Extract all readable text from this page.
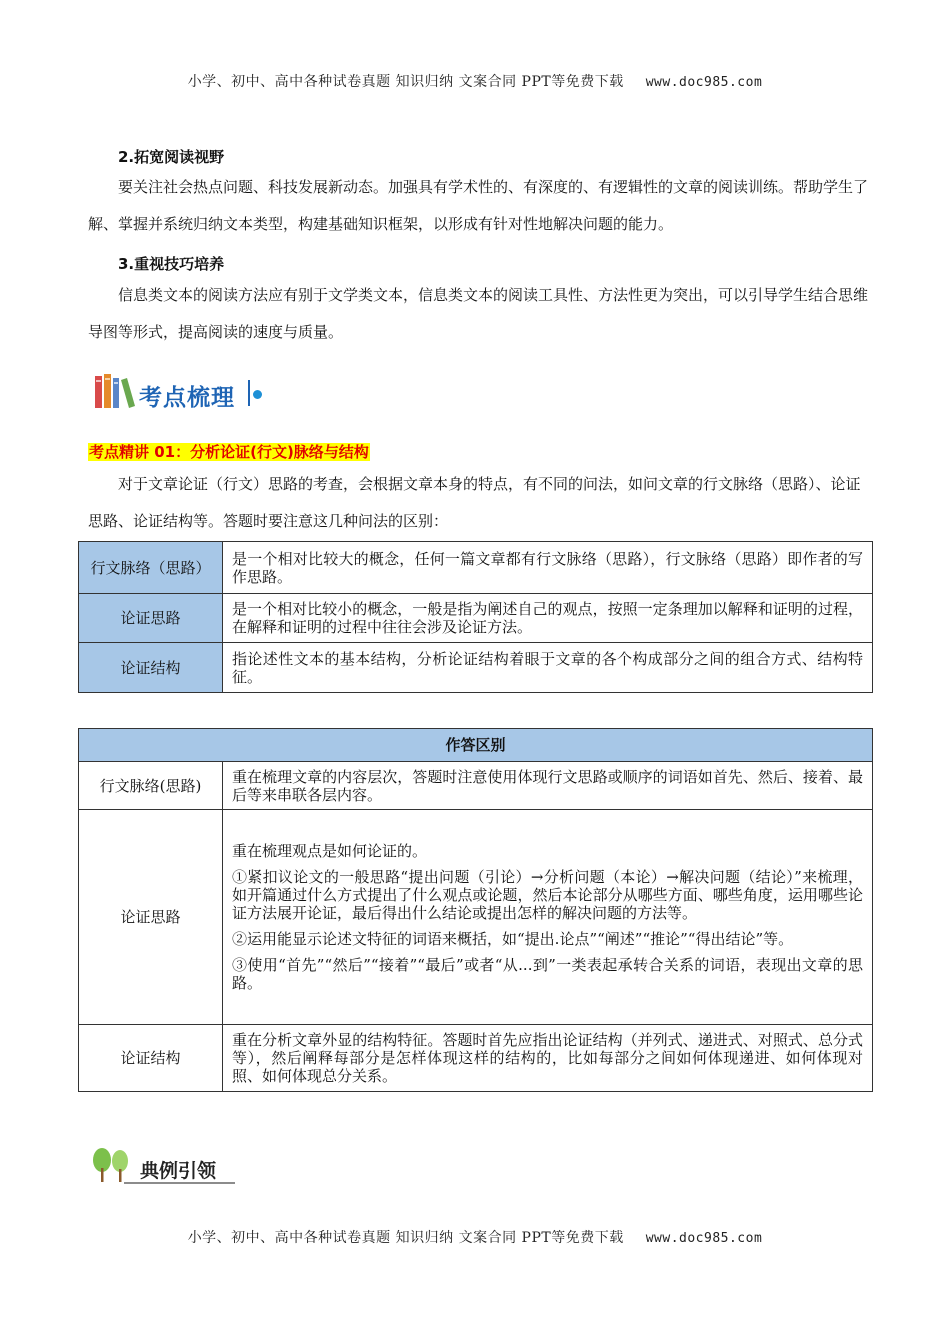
小学、初中、高中各种试卷真题 知识归纳 文案合同 PPT等免费下载 www.doc985.com
2.拓宽阅读视野
要关注社会热点问题、科技发展新动态。加强具有学术性的、有深度的、有逻辑性的文章的阅读训练。帮助学生了解、掌握并系统归纳文本类型，构建基础知识框架，以形成有针对性地解决问题的能力。
3.重视技巧培养
信息类文本的阅读方法应有别于文学类文本，信息类文本的阅读工具性、方法性更为突出，可以引导学生结合思维导图等形式，提高阅读的速度与质量。
考点梳理
考点精讲 01：分析论证(行文)脉络与结构
对于文章论证（行文）思路的考查，会根据文章本身的特点，有不同的问法，如问文章的行文脉络（思路）、论证思路、论证结构等。答题时要注意这几种问法的区别：
行文脉络（思路）	是一个相对比较大的概念，任何一篇文章都有行文脉络（思路），行文脉络（思路）即作者的写作思路。
论证思路	是一个相对比较小的概念，一般是指为阐述自己的观点，按照一定条理加以解释和证明的过程，在解释和证明的过程中往往会涉及论证方法。
论证结构	指论述性文本的基本结构，分析论证结构着眼于文章的各个构成部分之间的组合方式、结构特征。
作答区别	
行文脉络(思路)	重在梳理文章的内容层次，答题时注意使用体现行文思路或顺序的词语如首先、然后、接着、最后等来串联各层内容。
论证思路	重在梳理观点是如何论证的。

①紧扣议论文的一般思路“提出问题（引论）→分析问题（本论）→解决问题（结论）”来梳理，如开篇通过什么方式提出了什么观点或论题，然后本论部分从哪些方面、哪些角度，运用哪些论证方法展开论证，最后得出什么结论或提出怎样的解决问题的方法等。

②运用能显示论述文特征的词语来概括，如“提出.论点”“阐述”“推论”“得出结论”等。

③使用“首先”“然后”“接着”“最后”或者“从...到”一类表起承转合关系的词语，表现出文章的思路。

论证结构	重在分析文章外显的结构特征。答题时首先应指出论证结构（并列式、递进式、对照式、总分式等），然后阐释每部分是怎样体现这样的结构的，比如每部分之间如何体现递进、如何体现对照、如何体现总分关系。
典例引领
小学、初中、高中各种试卷真题 知识归纳 文案合同 PPT等免费下载 www.doc985.com
